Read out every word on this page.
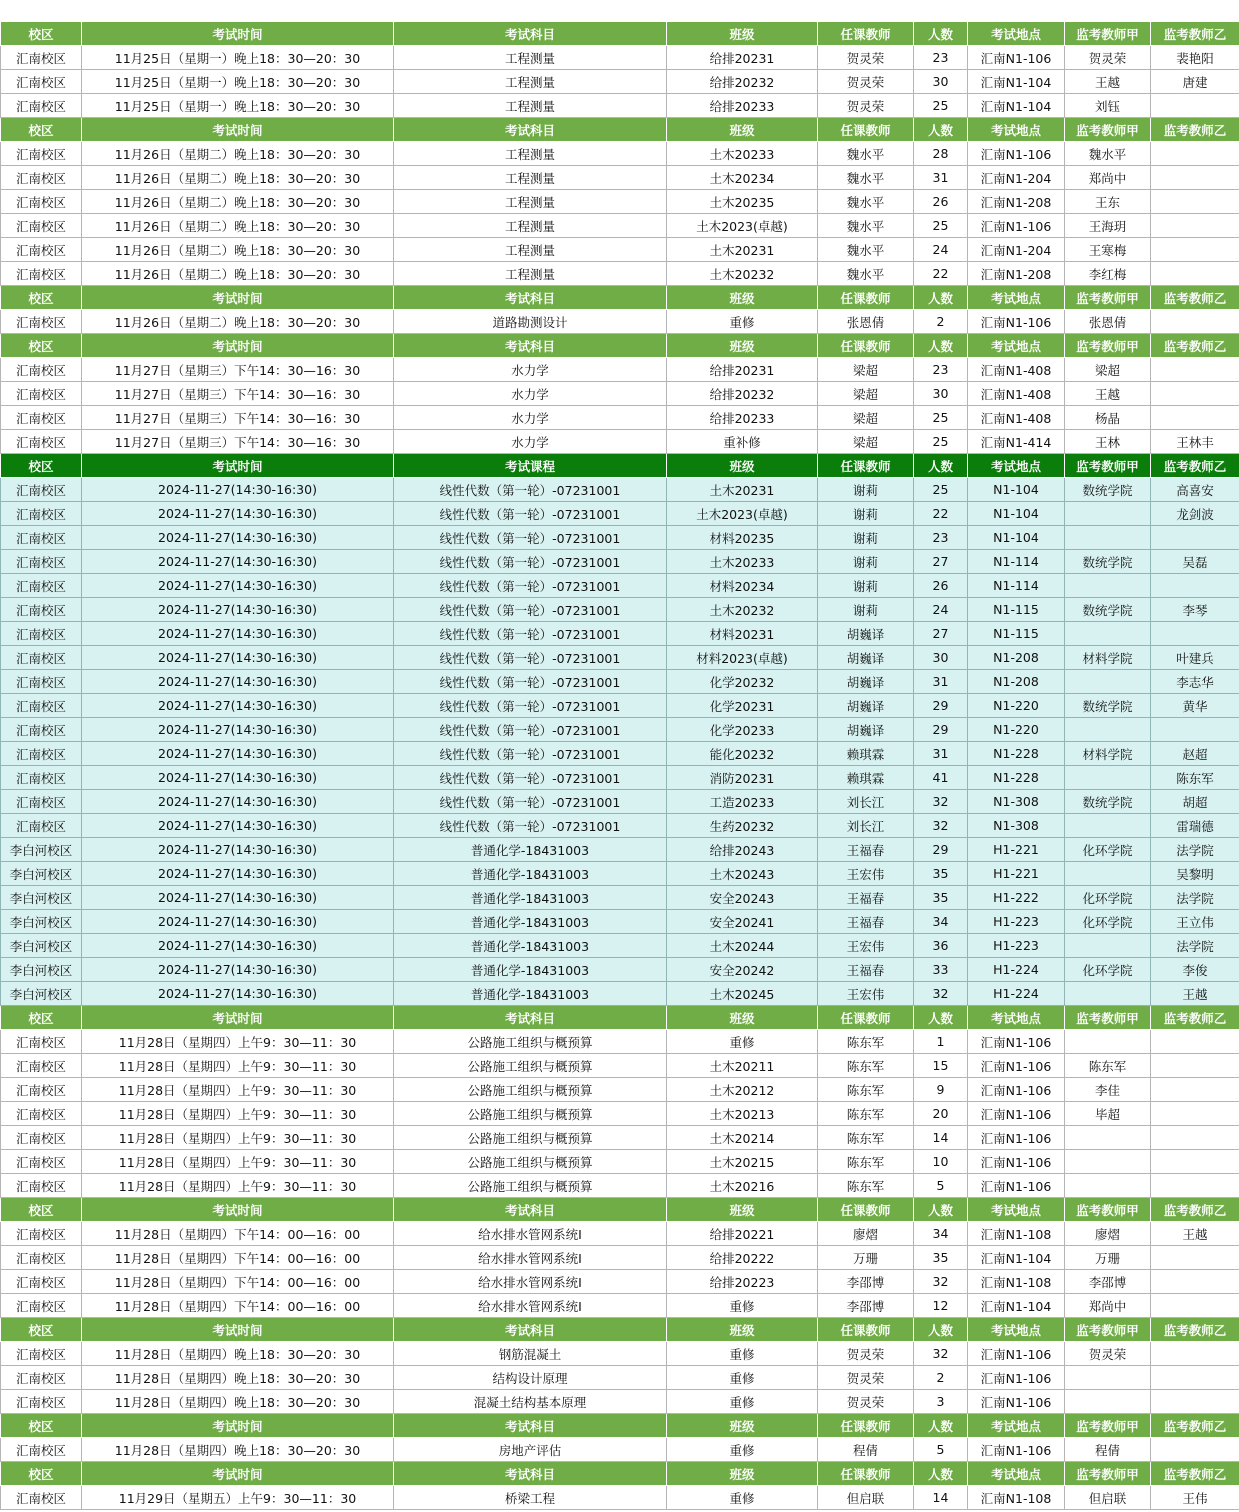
校区	考试时间	考试科目	班级	任课教师	人数	考试地点	监考教师甲	监考教师乙
汇南校区	11月25日（星期一）晚上18：30—20：30	工程测量	给排20231	贺灵荣	23	汇南N1-106	贺灵荣	裴艳阳
汇南校区	11月25日（星期一）晚上18：30—20：30	工程测量	给排20232	贺灵荣	30	汇南N1-104	王越	唐建
汇南校区	11月25日（星期一）晚上18：30—20：30	工程测量	给排20233	贺灵荣	25	汇南N1-104	刘钰	
校区	考试时间	考试科目	班级	任课教师	人数	考试地点	监考教师甲	监考教师乙
汇南校区	11月26日（星期二）晚上18：30—20：30	工程测量	土木20233	魏水平	28	汇南N1-106	魏水平	
汇南校区	11月26日（星期二）晚上18：30—20：30	工程测量	土木20234	魏水平	31	汇南N1-204	郑尚中	
汇南校区	11月26日（星期二）晚上18：30—20：30	工程测量	土木20235	魏水平	26	汇南N1-208	王东	
汇南校区	11月26日（星期二）晚上18：30—20：30	工程测量	土木2023(卓越)	魏水平	25	汇南N1-106	王海玥	
汇南校区	11月26日（星期二）晚上18：30—20：30	工程测量	土木20231	魏水平	24	汇南N1-204	王寒梅	
汇南校区	11月26日（星期二）晚上18：30—20：30	工程测量	土木20232	魏水平	22	汇南N1-208	李红梅	
校区	考试时间	考试科目	班级	任课教师	人数	考试地点	监考教师甲	监考教师乙
汇南校区	11月26日（星期二）晚上18：30—20：30	道路勘测设计	重修	张恩倩	2	汇南N1-106	张恩倩	
校区	考试时间	考试科目	班级	任课教师	人数	考试地点	监考教师甲	监考教师乙
汇南校区	11月27日（星期三）下午14：30—16：30	水力学	给排20231	梁超	23	汇南N1-408	梁超	
汇南校区	11月27日（星期三）下午14：30—16：30	水力学	给排20232	梁超	30	汇南N1-408	王越	
汇南校区	11月27日（星期三）下午14：30—16：30	水力学	给排20233	梁超	25	汇南N1-408	杨晶	
汇南校区	11月27日（星期三）下午14：30—16：30	水力学	重补修	梁超	25	汇南N1-414	王林	王林丰
校区	考试时间	考试课程	班级	任课教师	人数	考试地点	监考教师甲	监考教师乙
汇南校区	2024-11-27(14:30-16:30)	线性代数（第一轮）-07231001	土木20231	谢莉	25	N1-104	数统学院	高喜安
汇南校区	2024-11-27(14:30-16:30)	线性代数（第一轮）-07231001	土木2023(卓越)	谢莉	22	N1-104		龙剑波
汇南校区	2024-11-27(14:30-16:30)	线性代数（第一轮）-07231001	材料20235	谢莉	23	N1-104		
汇南校区	2024-11-27(14:30-16:30)	线性代数（第一轮）-07231001	土木20233	谢莉	27	N1-114	数统学院	吴磊
汇南校区	2024-11-27(14:30-16:30)	线性代数（第一轮）-07231001	材料20234	谢莉	26	N1-114		
汇南校区	2024-11-27(14:30-16:30)	线性代数（第一轮）-07231001	土木20232	谢莉	24	N1-115	数统学院	李琴
汇南校区	2024-11-27(14:30-16:30)	线性代数（第一轮）-07231001	材料20231	胡巍译	27	N1-115		
汇南校区	2024-11-27(14:30-16:30)	线性代数（第一轮）-07231001	材料2023(卓越)	胡巍译	30	N1-208	材料学院	叶建兵
汇南校区	2024-11-27(14:30-16:30)	线性代数（第一轮）-07231001	化学20232	胡巍译	31	N1-208		李志华
汇南校区	2024-11-27(14:30-16:30)	线性代数（第一轮）-07231001	化学20231	胡巍译	29	N1-220	数统学院	黄华
汇南校区	2024-11-27(14:30-16:30)	线性代数（第一轮）-07231001	化学20233	胡巍译	29	N1-220		
汇南校区	2024-11-27(14:30-16:30)	线性代数（第一轮）-07231001	能化20232	赖琪霖	31	N1-228	材料学院	赵超
汇南校区	2024-11-27(14:30-16:30)	线性代数（第一轮）-07231001	消防20231	赖琪霖	41	N1-228		陈东军
汇南校区	2024-11-27(14:30-16:30)	线性代数（第一轮）-07231001	工造20233	刘长江	32	N1-308	数统学院	胡超
汇南校区	2024-11-27(14:30-16:30)	线性代数（第一轮）-07231001	生药20232	刘长江	32	N1-308		雷瑞德
李白河校区	2024-11-27(14:30-16:30)	普通化学-18431003	给排20243	王福春	29	H1-221	化环学院	法学院
李白河校区	2024-11-27(14:30-16:30)	普通化学-18431003	土木20243	王宏伟	35	H1-221		吴黎明
李白河校区	2024-11-27(14:30-16:30)	普通化学-18431003	安全20243	王福春	35	H1-222	化环学院	法学院
李白河校区	2024-11-27(14:30-16:30)	普通化学-18431003	安全20241	王福春	34	H1-223	化环学院	王立伟
李白河校区	2024-11-27(14:30-16:30)	普通化学-18431003	土木20244	王宏伟	36	H1-223		法学院
李白河校区	2024-11-27(14:30-16:30)	普通化学-18431003	安全20242	王福春	33	H1-224	化环学院	李俊
李白河校区	2024-11-27(14:30-16:30)	普通化学-18431003	土木20245	王宏伟	32	H1-224		王越
校区	考试时间	考试科目	班级	任课教师	人数	考试地点	监考教师甲	监考教师乙
汇南校区	11月28日（星期四）上午9：30—11：30	公路施工组织与概预算	重修	陈东军	1	汇南N1-106		
汇南校区	11月28日（星期四）上午9：30—11：30	公路施工组织与概预算	土木20211	陈东军	15	汇南N1-106	陈东军	
汇南校区	11月28日（星期四）上午9：30—11：30	公路施工组织与概预算	土木20212	陈东军	9	汇南N1-106	李佳	
汇南校区	11月28日（星期四）上午9：30—11：30	公路施工组织与概预算	土木20213	陈东军	20	汇南N1-106	毕超	
汇南校区	11月28日（星期四）上午9：30—11：30	公路施工组织与概预算	土木20214	陈东军	14	汇南N1-106		
汇南校区	11月28日（星期四）上午9：30—11：30	公路施工组织与概预算	土木20215	陈东军	10	汇南N1-106		
汇南校区	11月28日（星期四）上午9：30—11：30	公路施工组织与概预算	土木20216	陈东军	5	汇南N1-106		
校区	考试时间	考试科目	班级	任课教师	人数	考试地点	监考教师甲	监考教师乙
汇南校区	11月28日（星期四）下午14：00—16：00	给水排水管网系统Ⅰ	给排20221	廖熠	34	汇南N1-108	廖熠	王越
汇南校区	11月28日（星期四）下午14：00—16：00	给水排水管网系统Ⅰ	给排20222	万珊	35	汇南N1-104	万珊	
汇南校区	11月28日（星期四）下午14：00—16：00	给水排水管网系统Ⅰ	给排20223	李邵博	32	汇南N1-108	李邵博	
汇南校区	11月28日（星期四）下午14：00—16：00	给水排水管网系统Ⅰ	重修	李邵博	12	汇南N1-104	郑尚中	
校区	考试时间	考试科目	班级	任课教师	人数	考试地点	监考教师甲	监考教师乙
汇南校区	11月28日（星期四）晚上18：30—20：30	钢筋混凝土	重修	贺灵荣	32	汇南N1-106	贺灵荣	
汇南校区	11月28日（星期四）晚上18：30—20：30	结构设计原理	重修	贺灵荣	2	汇南N1-106		
汇南校区	11月28日（星期四）晚上18：30—20：30	混凝土结构基本原理	重修	贺灵荣	3	汇南N1-106		
校区	考试时间	考试科目	班级	任课教师	人数	考试地点	监考教师甲	监考教师乙
汇南校区	11月28日（星期四）晚上18：30—20：30	房地产评估	重修	程倩	5	汇南N1-106	程倩	
校区	考试时间	考试科目	班级	任课教师	人数	考试地点	监考教师甲	监考教师乙
汇南校区	11月29日（星期五）上午9：30—11：30	桥梁工程	重修	但启联	14	汇南N1-108	但启联	王伟
